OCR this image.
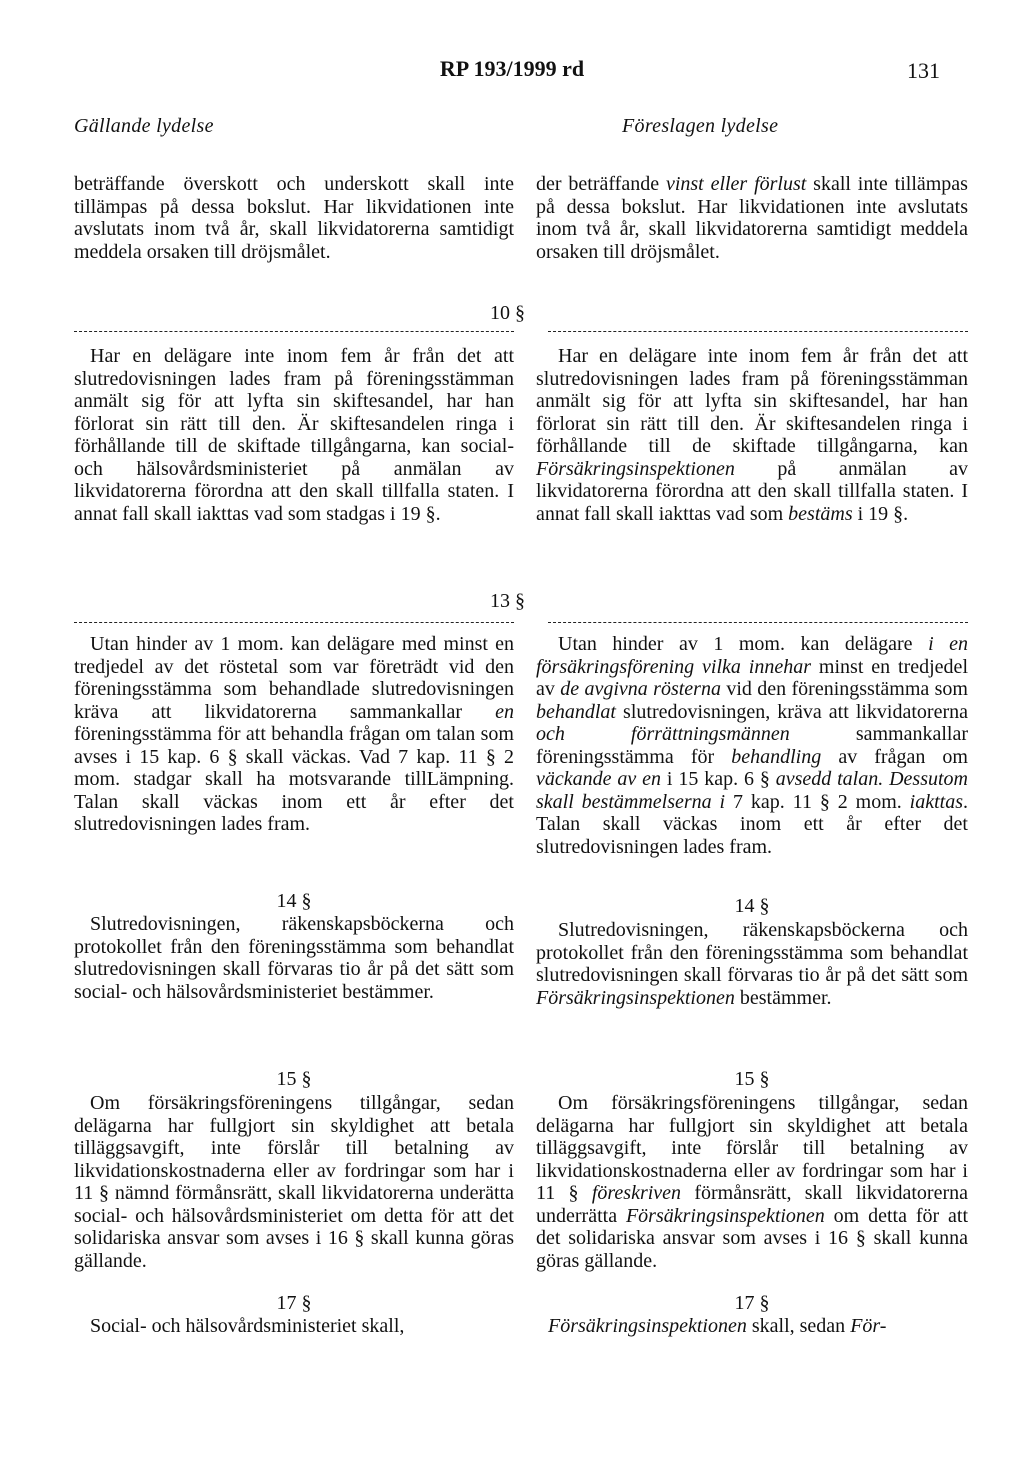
RP 193/1999 rd	131
Gällande lydelse	Föreslagen lydelse
beträffande överskott och underskott skall inte tillämpas på dessa bokslut. Har likvidationen inte avslutats inom två år, skall likvidatorerna samtidigt meddela orsaken till dröjsmålet.
der beträffande vinst eller förlust skall inte tillämpas på dessa bokslut. Har likvidationen inte avslutats inom två år, skall likvidatorerna samtidigt meddela orsaken till dröjsmålet.
10 §
Har en delägare inte inom fem år från det att slutredovisningen lades fram på föreningsstämman anmält sig för att lyfta sin skiftesandel, har han förlorat sin rätt till den. Är skiftesandelen ringa i förhållande till de skiftade tillgångarna, kan social- och hälsovårdsministeriet på anmälan av likvidatorerna förordna att den skall tillfalla staten. I annat fall skall iakttas vad som stadgas i 19 §.
Har en delägare inte inom fem år från det att slutredovisningen lades fram på föreningsstämman anmält sig för att lyfta sin skiftesandel, har han förlorat sin rätt till den. Är skiftesandelen ringa i förhållande till de skiftade tillgångarna, kan Försäkringsinspektionen på anmälan av likvidatorerna förordna att den skall tillfalla staten. I annat fall skall iakttas vad som bestäms i 19 §.
13 §
Utan hinder av 1 mom. kan delägare med minst en tredjedel av det röstetal som var företrädt vid den föreningsstämma som behandlade slutredovisningen kräva att likvidatorerna sammankallar en föreningsstämma för att behandla frågan om talan som avses i 15 kap. 6 § skall väckas. Vad 7 kap. 11 § 2 mom. stadgar skall ha motsvarande tillLämpning. Talan skall väckas inom ett år efter det slutredovisningen lades fram.
Utan hinder av 1 mom. kan delägare i en försäkringsförening vilka innehar minst en tredjedel av de avgivna rösterna vid den föreningsstämma som behandlat slutredovisningen, kräva att likvidatorerna och förrättningsmännen sammankallar föreningsstämma för behandling av frågan om väckande av en i 15 kap. 6 § avsedd talan. Dessutom skall bestämmelserna i 7 kap. 11 § 2 mom. iakttas. Talan skall väckas inom ett år efter det slutredovisningen lades fram.
14 §	14 §
Slutredovisningen, räkenskapsböckerna och protokollet från den föreningsstämma som behandlat slutredovisningen skall förvaras tio år på det sätt som social- och hälsovårdsministeriet bestämmer.
Slutredovisningen, räkenskapsböckerna och protokollet från den föreningsstämma som behandlat slutredovisningen skall förvaras tio år på det sätt som Försäkringsinspektionen bestämmer.
15 §	15 §
Om försäkringsföreningens tillgångar, sedan delägarna har fullgjort sin skyldighet att betala tilläggsavgift, inte förslår till betalning av likvidationskostnaderna eller av fordringar som har i 11 § nämnd förmånsrätt, skall likvidatorerna underätta social- och hälsovårdsministeriet om detta för att det solidariska ansvar som avses i 16 § skall kunna göras gällande.
Om försäkringsföreningens tillgångar, sedan delägarna har fullgjort sin skyldighet att betala tilläggsavgift, inte förslår till betalning av likvidationskostnaderna eller av fordringar som har i 11 § föreskriven förmånsrätt, skall likvidatorerna underrätta Försäkringsinspektionen om detta för att det solidariska ansvar som avses i 16 § skall kunna göras gällande.
17 §	17 §
Social- och hälsovårdsministeriet skall,	Försäkringsinspektionen skall, sedan För-
